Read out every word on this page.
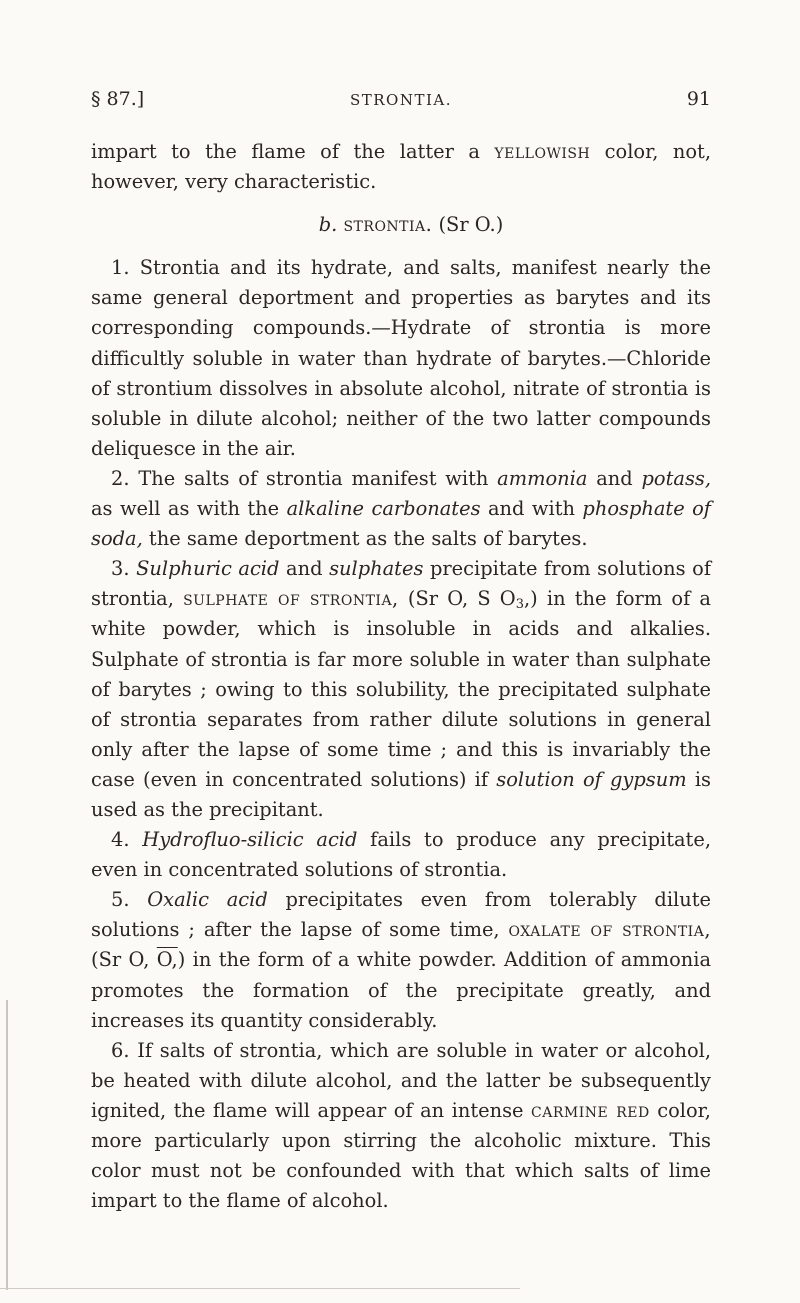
§ 87.]	STRONTIA.	91

impart to the flame of the latter a yellowish color, not, however, very characteristic.

b. strontia. (Sr O.)

1. Strontia and its hydrate, and salts, manifest nearly the same general deportment and properties as barytes and its corresponding compounds.—Hydrate of strontia is more difficultly soluble in water than hydrate of barytes.—Chloride of strontium dissolves in absolute alcohol, nitrate of strontia is soluble in dilute alcohol; neither of the two latter compounds deliquesce in the air.

2. The salts of strontia manifest with ammonia and potass, as well as with the alkaline carbonates and with phosphate of soda, the same deportment as the salts of barytes.

3. Sulphuric acid and sulphates precipitate from solutions of strontia, sulphate of strontia, (Sr O, S $O_3$,) in the form of a white powder, which is insoluble in acids and alkalies. Sulphate of strontia is far more soluble in water than sulphate of barytes ; owing to this solubility, the precipitated sulphate of strontia separates from rather dilute solutions in general only after the lapse of some time ; and this is invariably the case (even in concentrated solutions) if solution of gypsum is used as the precipitant.

4. Hydrofluo-silicic acid fails to produce any precipitate, even in concentrated solutions of strontia.

5. Oxalic acid precipitates even from tolerably dilute solutions ; after the lapse of some time, oxalate of strontia, (Sr O, O,) in the form of a white powder. Addition of ammonia promotes the formation of the precipitate greatly, and increases its quantity considerably.

6. If salts of strontia, which are soluble in water or alcohol, be heated with dilute alcohol, and the latter be subsequently ignited, the flame will appear of an intense carmine red color, more particularly upon stirring the alcoholic mixture. This color must not be confounded with that which salts of lime impart to the flame of alcohol.
